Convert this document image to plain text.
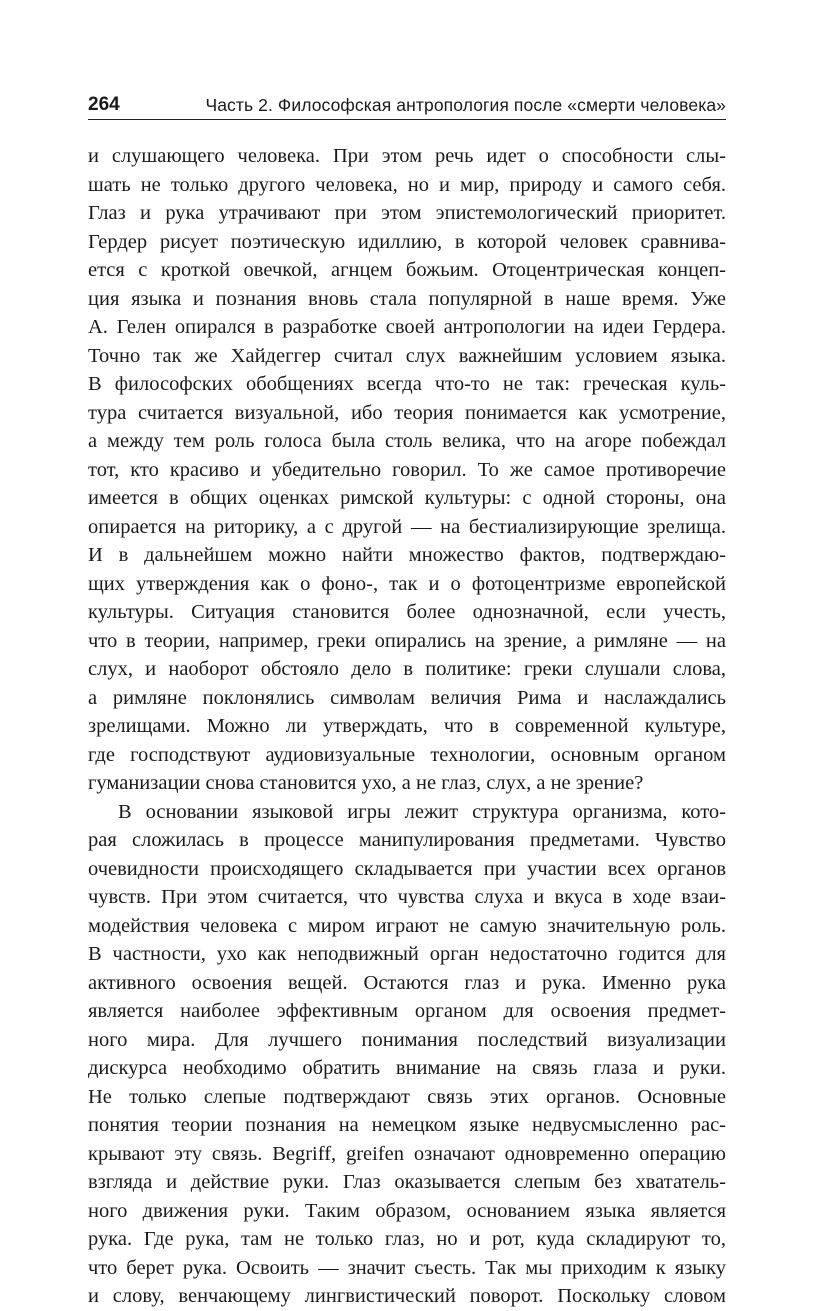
264	Часть 2. Философская антропология после «смерти человека»
и слушающего человека. При этом речь идет о способности слы-
шать не только другого человека, но и мир, природу и самого себя.
Глаз и рука утрачивают при этом эпистемологический приоритет.
Гердер рисует поэтическую идиллию, в которой человек сравнива-
ется с кроткой овечкой, агнцем божьим. Отоцентрическая концеп-
ция языка и познания вновь стала популярной в наше время. Уже
А. Гелен опирался в разработке своей антропологии на идеи Гердера.
Точно так же Хайдеггер считал слух важнейшим условием языка.
В философских обобщениях всегда что-то не так: греческая куль-
тура считается визуальной, ибо теория понимается как усмотрение,
а между тем роль голоса была столь велика, что на агоре побеждал
тот, кто красиво и убедительно говорил. То же самое противоречие
имеется в общих оценках римской культуры: с одной стороны, она
опирается на риторику, а с другой — на бестиализирующие зрелища.
И в дальнейшем можно найти множество фактов, подтверждаю-
щих утверждения как о фоно-, так и о фотоцентризме европейской
культуры. Ситуация становится более однозначной, если учесть,
что в теории, например, греки опирались на зрение, а римляне — на
слух, и наоборот обстояло дело в политике: греки слушали слова,
а римляне поклонялись символам величия Рима и наслаждались
зрелищами. Можно ли утверждать, что в современной культуре,
где господствуют аудиовизуальные технологии, основным органом
гуманизации снова становится ухо, а не глаз, слух, а не зрение?
В основании языковой игры лежит структура организма, кото-
рая сложилась в процессе манипулирования предметами. Чувство
очевидности происходящего складывается при участии всех органов
чувств. При этом считается, что чувства слуха и вкуса в ходе взаи-
модействия человека с миром играют не самую значительную роль.
В частности, ухо как неподвижный орган недостаточно годится для
активного освоения вещей. Остаются глаз и рука. Именно рука
является наиболее эффективным органом для освоения предмет-
ного мира. Для лучшего понимания последствий визуализации
дискурса необходимо обратить внимание на связь глаза и руки.
Не только слепые подтверждают связь этих органов. Основные
понятия теории познания на немецком языке недвусмысленно рас-
крывают эту связь. Begriff, greifen означают одновременно операцию
взгляда и действие руки. Глаз оказывается слепым без хвататель-
ного движения руки. Таким образом, основанием языка является
рука. Где рука, там не только глаз, но и рот, куда складируют то,
что берет рука. Освоить — значит съесть. Так мы приходим к языку
и слову, венчающему лингвистический поворот. Поскольку словом
